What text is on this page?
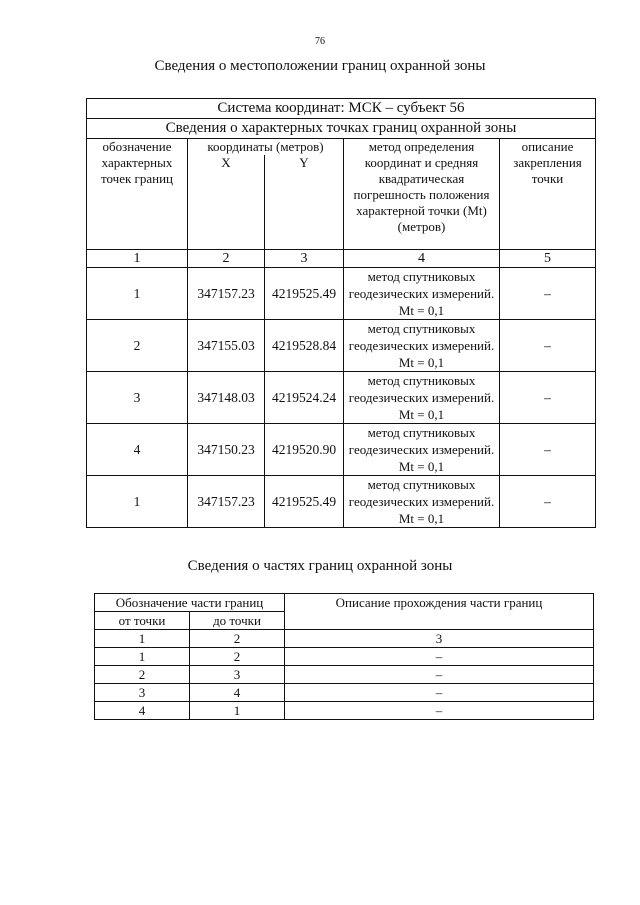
76
Сведения о местоположении границ охранной зоны
Система координат: МСК – субъект 56				
Сведения о характерных точках границ охранной зоны				
обозначение характерных точек границ	координаты (метров)		метод определения координат и средняя квадратическая погрешность положения характерной точки (Mt) (метров)	описание закрепления точки
	X	Y		
1	2	3	4	5
1	347157.23	4219525.49	метод спутниковых геодезических измерений. Mt = 0,1	–
2	347155.03	4219528.84	метод спутниковых геодезических измерений. Mt = 0,1	–
3	347148.03	4219524.24	метод спутниковых геодезических измерений. Mt = 0,1	–
4	347150.23	4219520.90	метод спутниковых геодезических измерений. Mt = 0,1	–
1	347157.23	4219525.49	метод спутниковых геодезических измерений. Mt = 0,1	–
Сведения о частях границ охранной зоны
Обозначение части границ		Описание прохождения части границ
от точки	до точки	
1	2	3
1	2	–
2	3	–
3	4	–
4	1	–
